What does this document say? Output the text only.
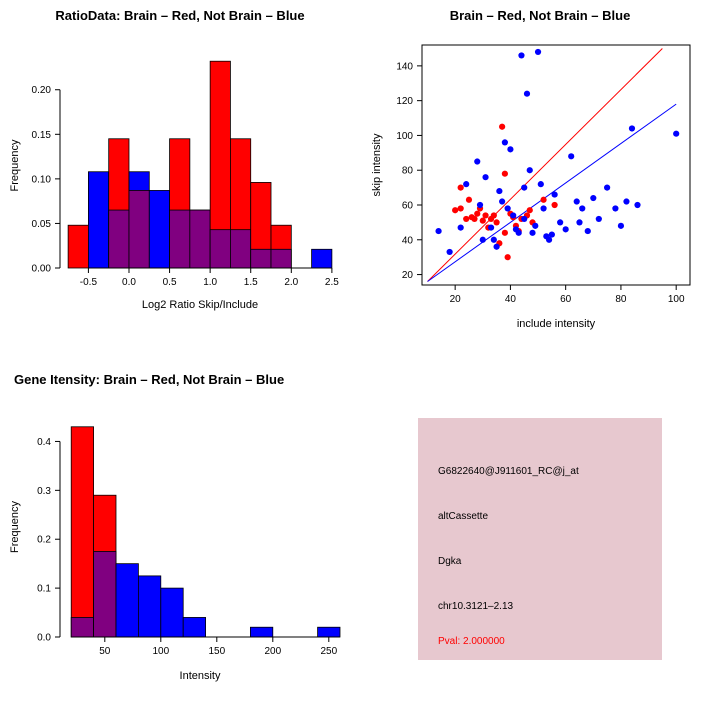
RatioData: Brain – Red, Not Brain – Blue
-0.5	0.0	0.5	1.0	1.5	2.0	2.5
0.00
0.05
0.10
0.15
0.20
Log2 Ratio Skip/Include
Frequency
Brain – Red, Not Brain – Blue
20	40	60	80	100
20
40
60
80
100
120
140
include intensity
skip intensity
Gene Itensity: Brain – Red, Not Brain – Blue
50	100	150	200	250
0.0
0.1
0.2
0.3
0.4
Intensity
Frequency
G6822640@J911601_RC@j_at
altCassette
Dgka
chr10.3121–2.13
Pval: 2.000000
